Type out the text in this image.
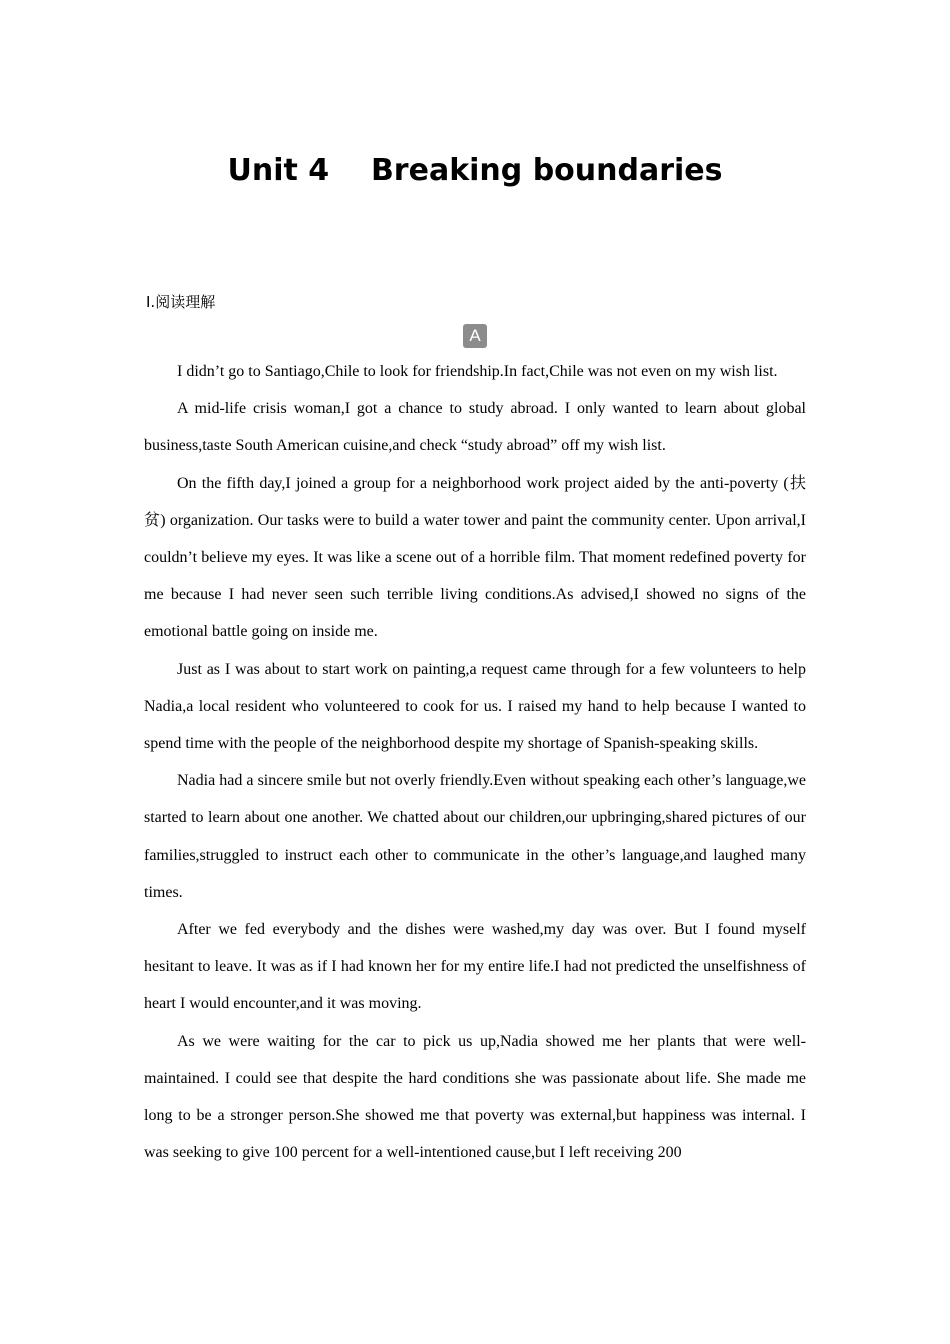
Unit 4    Breaking boundaries
Ⅰ.阅读理解
A

I didn’t go to Santiago,Chile to look for friendship.In fact,Chile was not even on my wish list.

A mid-life crisis woman,I got a chance to study abroad. I only wanted to learn about global business,taste South American cuisine,and check “study abroad” off my wish list.

On the fifth day,I joined a group for a neighborhood work project aided by the anti-poverty (扶贫) organization. Our tasks were to build a water tower and paint the community center. Upon arrival,I couldn’t believe my eyes. It was like a scene out of a horrible film. That moment redefined poverty for me because I had never seen such terrible living conditions.As advised,I showed no signs of the emotional battle going on inside me.

Just as I was about to start work on painting,a request came through for a few volunteers to help Nadia,a local resident who volunteered to cook for us. I raised my hand to help because I wanted to spend time with the people of the neighborhood despite my shortage of Spanish-speaking skills.

Nadia had a sincere smile but not overly friendly.Even without speaking each other’s language,we started to learn about one another. We chatted about our children,our upbringing,shared pictures of our families,struggled to instruct each other to communicate in the other’s language,and laughed many times.

After we fed everybody and the dishes were washed,my day was over. But I found myself hesitant to leave. It was as if I had known her for my entire life.I had not predicted the unselfishness of heart I would encounter,and it was moving.

As we were waiting for the car to pick us up,Nadia showed me her plants that were well-maintained. I could see that despite the hard conditions she was passionate about life. She made me long to be a stronger person.She showed me that poverty was external,but happiness was internal. I was seeking to give 100 percent for a well-intentioned cause,but I left receiving 200
